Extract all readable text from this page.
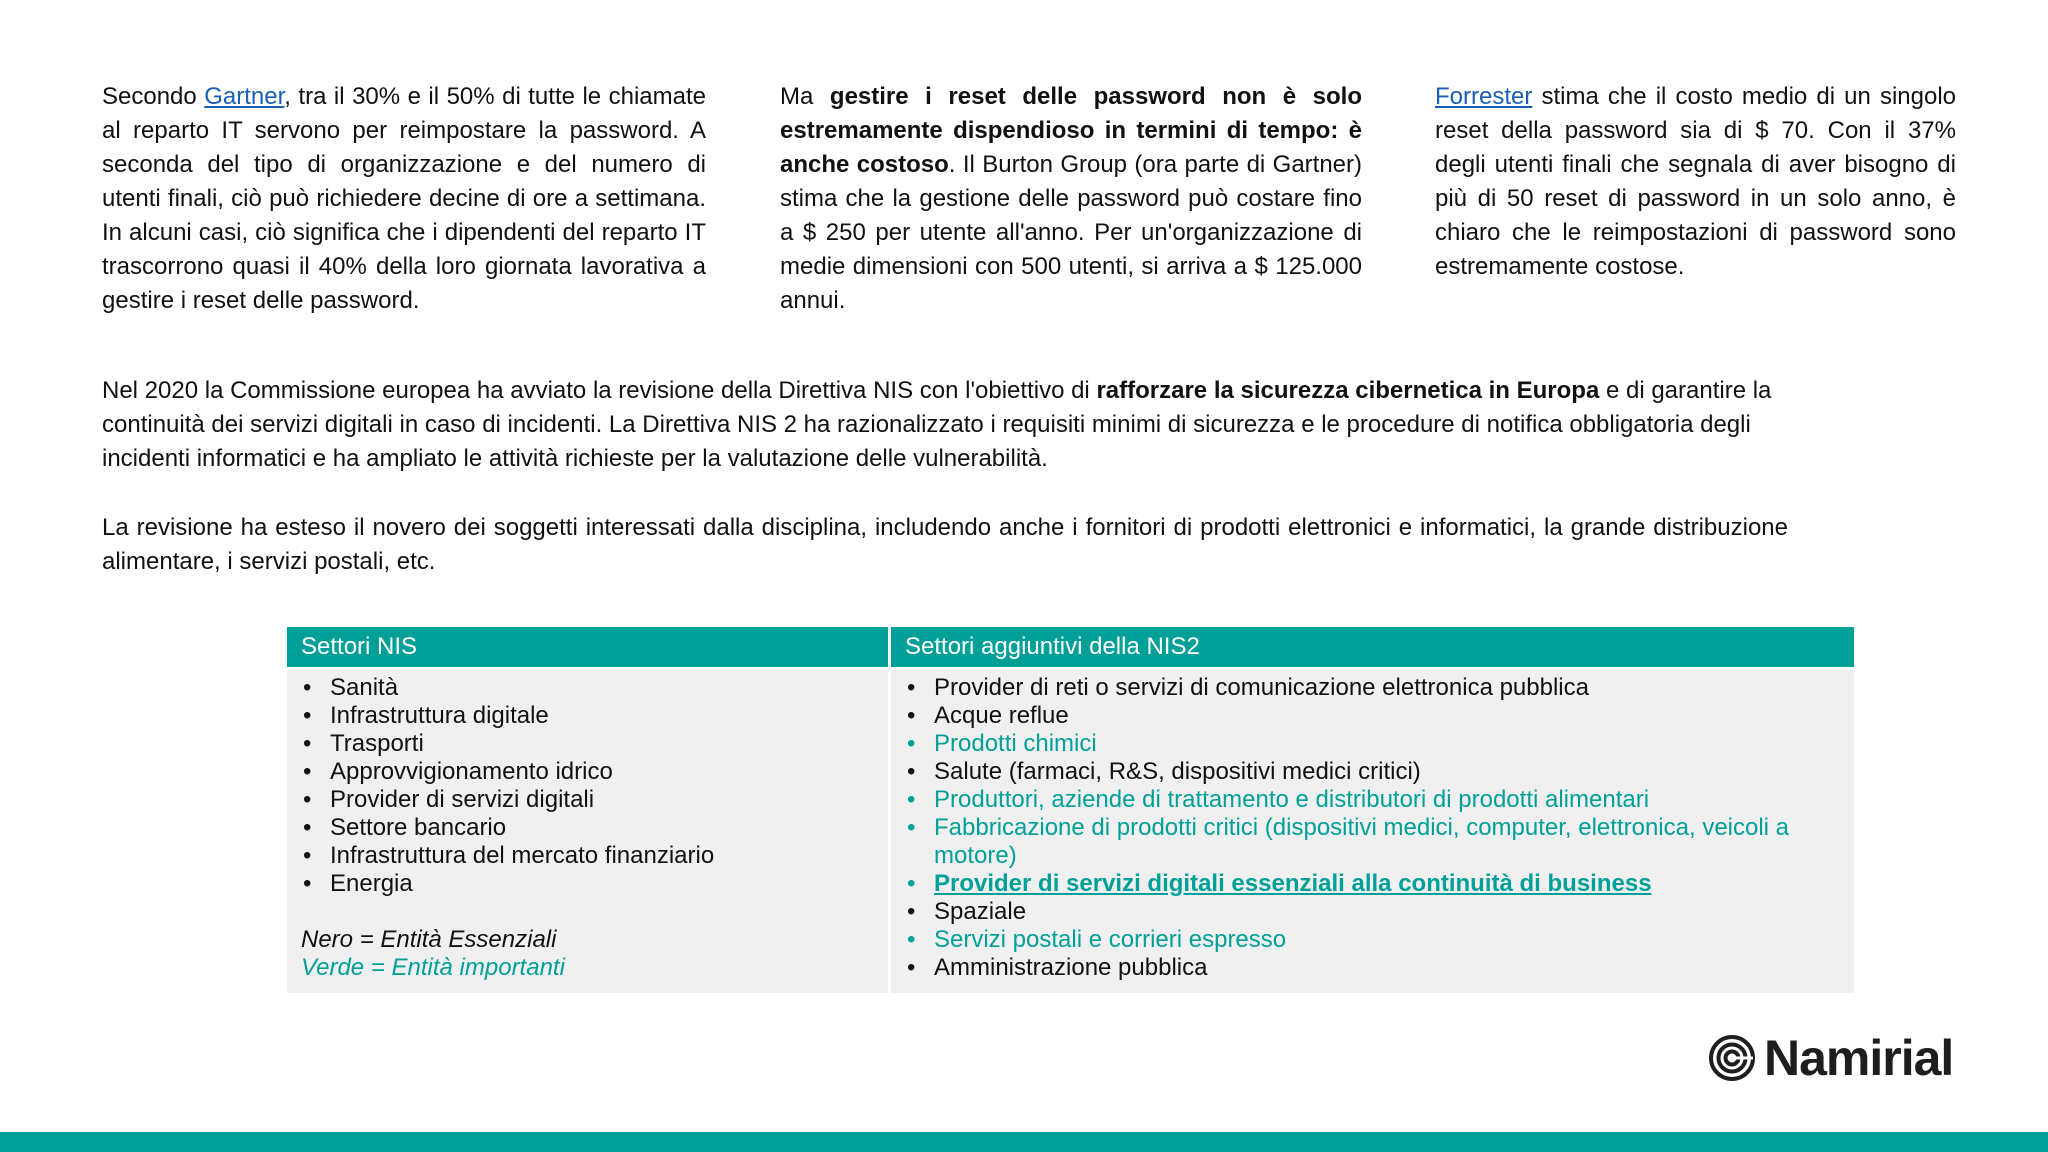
Secondo Gartner, tra il 30% e il 50% di tutte le chiamate al reparto IT servono per reimpostare la password. A seconda del tipo di organizzazione e del numero di utenti finali, ciò può richiedere decine di ore a settimana. In alcuni casi, ciò significa che i dipendenti del reparto IT trascorrono quasi il 40% della loro giornata lavorativa a gestire i reset delle password.
Ma gestire i reset delle password non è solo estremamente dispendioso in termini di tempo: è anche costoso. Il Burton Group (ora parte di Gartner) stima che la gestione delle password può costare fino a $ 250 per utente all'anno. Per un'organizzazione di medie dimensioni con 500 utenti, si arriva a $ 125.000 annui.
Forrester stima che il costo medio di un singolo reset della password sia di $ 70. Con il 37% degli utenti finali che segnala di aver bisogno di più di 50 reset di password in un solo anno, è chiaro che le reimpostazioni di password sono estremamente costose.
Nel 2020 la Commissione europea ha avviato la revisione della Direttiva NIS con l'obiettivo di rafforzare la sicurezza cibernetica in Europa e di garantire la continuità dei servizi digitali in caso di incidenti. La Direttiva NIS 2 ha razionalizzato i requisiti minimi di sicurezza e le procedure di notifica obbligatoria degli incidenti informatici e ha ampliato le attività richieste per la valutazione delle vulnerabilità.
La revisione ha esteso il novero dei soggetti interessati dalla disciplina, includendo anche i fornitori di prodotti elettronici e informatici, la grande distribuzione alimentare, i servizi postali, etc.
Settori NIS	Settori aggiuntivi della NIS2
• Sanità
• Infrastruttura digitale
• Trasporti
• Approvvigionamento idrico
• Provider di servizi digitali
• Settore bancario
• Infrastruttura del mercato finanziario
• Energia
Nero = Entità Essenziali
Verde = Entità importanti
• Provider di reti o servizi di comunicazione elettronica pubblica
• Acque reflue
• Prodotti chimici
• Salute (farmaci, R&S, dispositivi medici critici)
• Produttori, aziende di trattamento e distributori di prodotti alimentari
• Fabbricazione di prodotti critici (dispositivi medici, computer, elettronica, veicoli a motore)
• Provider di servizi digitali essenziali alla continuità di business
• Spaziale
• Servizi postali e corrieri espresso
• Amministrazione pubblica
Namirial
